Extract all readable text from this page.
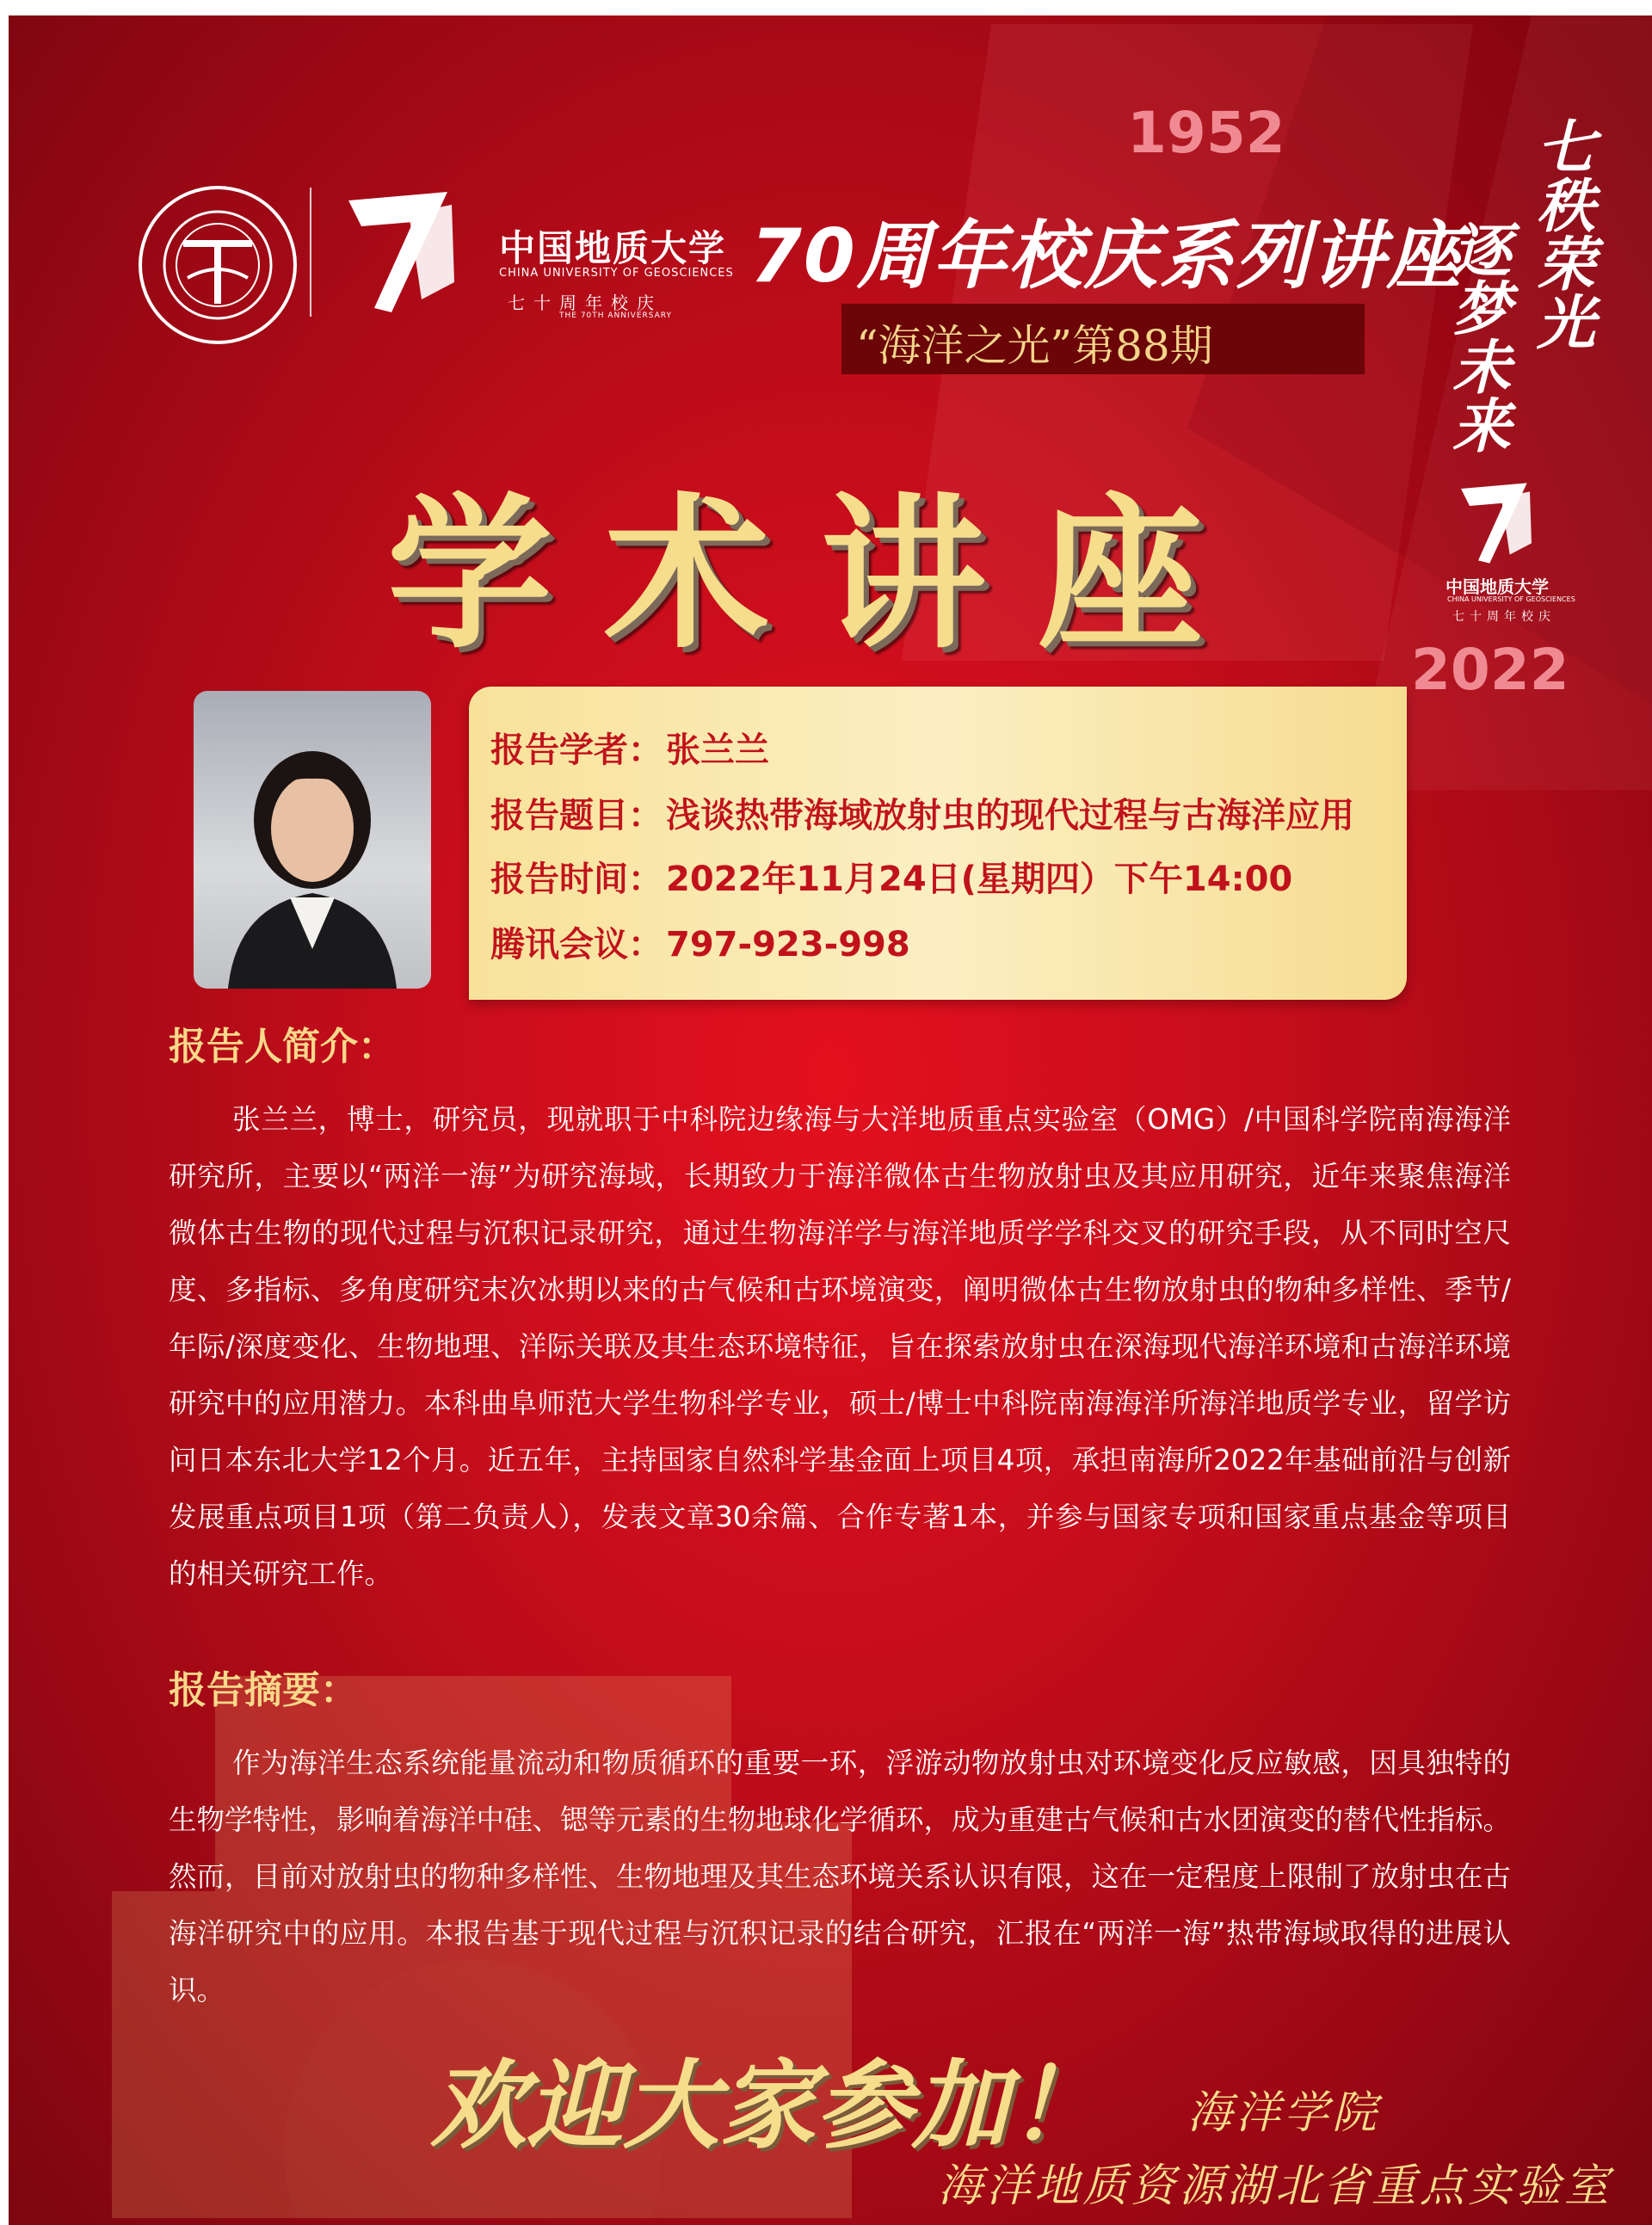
1952
2022
中国地质大学
CHINA UNIVERSITY OF GEOSCIENCES
七十周年校庆
THE 70TH ANNIVERSARY
70周年校庆系列讲座
“海洋之光”第88期
学术讲座
七秩荣光
逐梦未来
中国地质大学
CHINA UNIVERSITY OF GEOSCIENCES
七十周年校庆
报告学者： 张兰兰
报告题目： 浅谈热带海域放射虫的现代过程与古海洋应用
报告时间： 2022年11月24日(星期四）下午14:00
腾讯会议： 797-923-998
报告人简介：
张兰兰，博士，研究员，现就职于中科院边缘海与大洋地质重点实验室（OMG）/中国科学院南海海洋研究所，主要以“两洋一海”为研究海域，长期致力于海洋微体古生物放射虫及其应用研究，近年来聚焦海洋微体古生物的现代过程与沉积记录研究，通过生物海洋学与海洋地质学学科交叉的研究手段，从不同时空尺度、多指标、多角度研究末次冰期以来的古气候和古环境演变，阐明微体古生物放射虫的物种多样性、季节/年际/深度变化、生物地理、洋际关联及其生态环境特征，旨在探索放射虫在深海现代海洋环境和古海洋环境研究中的应用潜力。本科曲阜师范大学生物科学专业，硕士/博士中科院南海海洋所海洋地质学专业，留学访问日本东北大学12个月。近五年，主持国家自然科学基金面上项目4项，承担南海所2022年基础前沿与创新发展重点项目1项（第二负责人），发表文章30余篇、合作专著1本，并参与国家专项和国家重点基金等项目的相关研究工作。
报告摘要：
作为海洋生态系统能量流动和物质循环的重要一环，浮游动物放射虫对环境变化反应敏感，因具独特的生物学特性，影响着海洋中硅、锶等元素的生物地球化学循环，成为重建古气候和古水团演变的替代性指标。然而，目前对放射虫的物种多样性、生物地理及其生态环境关系认识有限，这在一定程度上限制了放射虫在古海洋研究中的应用。本报告基于现代过程与沉积记录的结合研究，汇报在“两洋一海”热带海域取得的进展认识。
欢迎大家参加！ 海洋学院
海洋地质资源湖北省重点实验室
